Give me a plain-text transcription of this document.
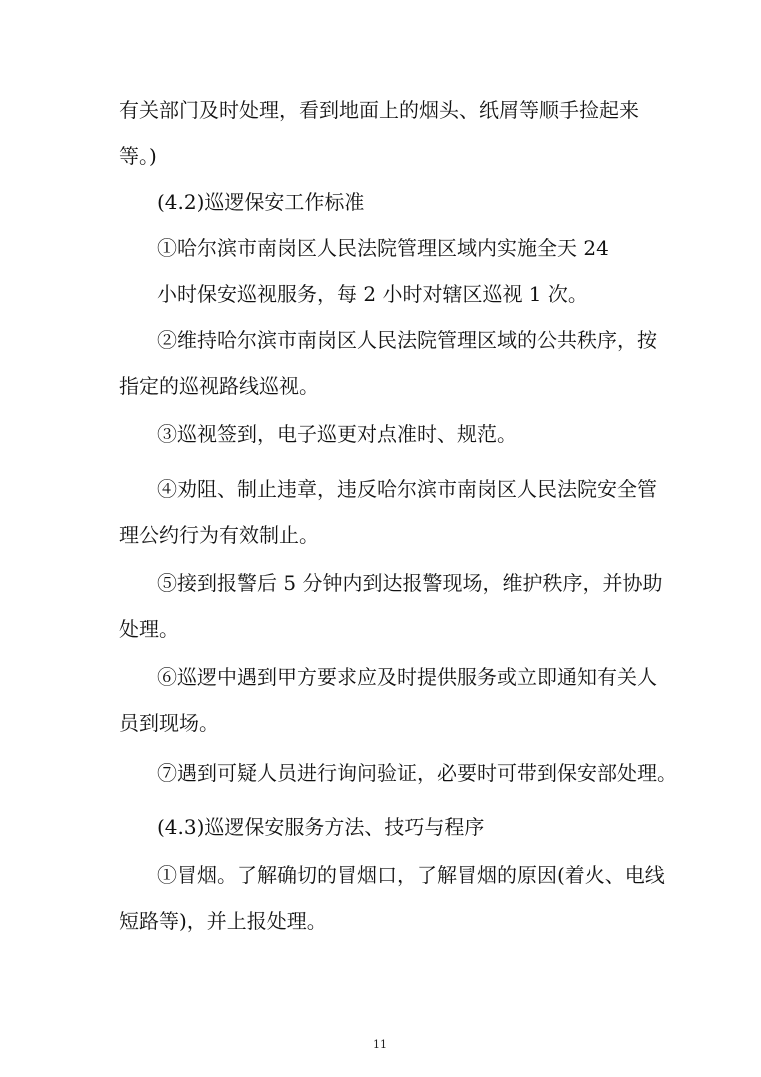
有关部门及时处理，看到地面上的烟头、纸屑等顺手捡起来
等。)
(4.2)巡逻保安工作标准
➀哈尔滨市南岗区人民法院管理区域内实施全天 24
小时保安巡视服务，每 2 小时对辖区巡视 1 次。
➁维持哈尔滨市南岗区人民法院管理区域的公共秩序，按
指定的巡视路线巡视。
➂巡视签到，电子巡更对点准时、规范。
➃劝阻、制止违章，违反哈尔滨市南岗区人民法院安全管
理公约行为有效制止。
➄接到报警后 5 分钟内到达报警现场，维护秩序，并协助
处理。
➅巡逻中遇到甲方要求应及时提供服务或立即通知有关人
员到现场。
➆遇到可疑人员进行询问验证，必要时可带到保安部处理。
(4.3)巡逻保安服务方法、技巧与程序
➀冒烟。了解确切的冒烟口，了解冒烟的原因(着火、电线
短路等)，并上报处理。
11
